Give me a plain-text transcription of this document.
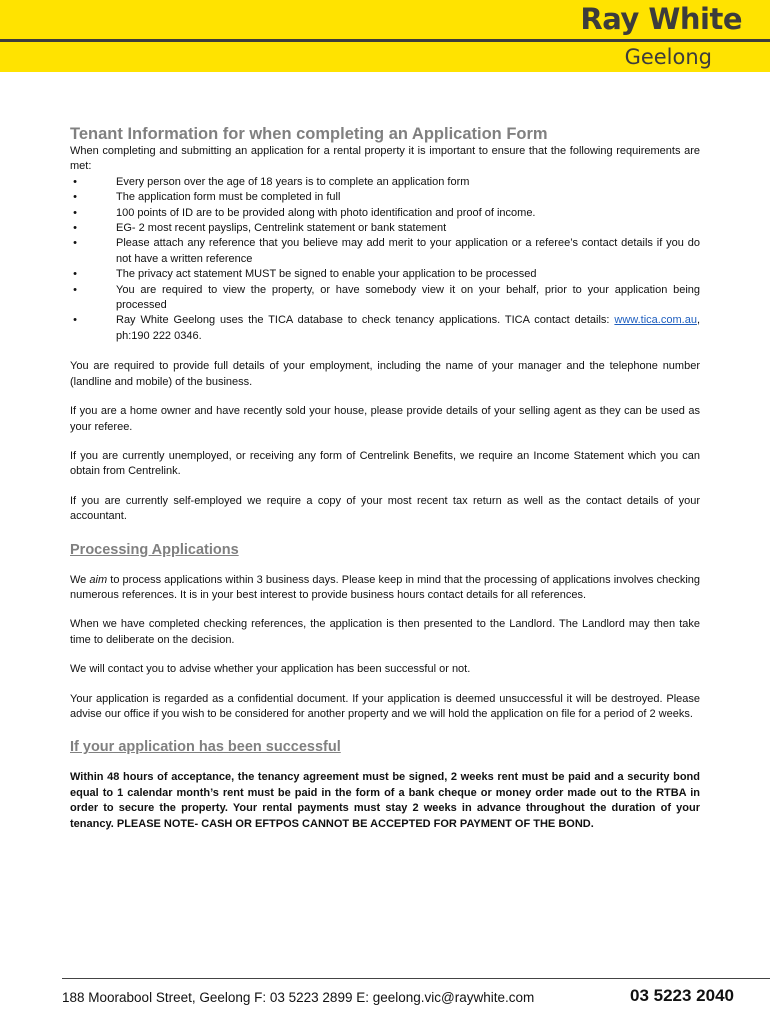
Ray White
Geelong
Tenant Information for when completing an Application Form

When completing and submitting an application for a rental property it is important to ensure that the following requirements are met:

•	Every person over the age of 18 years is to complete an application form
•	The application form must be completed in full
•	100 points of ID are to be provided along with photo identification and proof of income.
•	EG- 2 most recent payslips, Centrelink statement or bank statement
•	Please attach any reference that you believe may add merit to your application or a referee’s contact details if you do not have a written reference
•	The privacy act statement MUST be signed to enable your application to be processed
•	You are required to view the property, or have somebody view it on your behalf, prior to your application being processed
•	Ray White Geelong uses the TICA database to check tenancy applications. TICA contact details: www.tica.com.au, ph:190 222 0346.

You are required to provide full details of your employment, including the name of your manager and the telephone number (landline and mobile) of the business.

If you are a home owner and have recently sold your house, please provide details of your selling agent as they can be used as your referee.

If you are currently unemployed, or receiving any form of Centrelink Benefits, we require an Income Statement which you can obtain from Centrelink.

If you are currently self-employed we require a copy of your most recent tax return as well as the contact details of your accountant.

Processing Applications

We aim to process applications within 3 business days. Please keep in mind that the processing of applications involves checking numerous references. It is in your best interest to provide business hours contact details for all references.

When we have completed checking references, the application is then presented to the Landlord. The Landlord may then take time to deliberate on the decision.

We will contact you to advise whether your application has been successful or not.

Your application is regarded as a confidential document. If your application is deemed unsuccessful it will be destroyed. Please advise our office if you wish to be considered for another property and we will hold the application on file for a period of 2 weeks.

If your application has been successful

Within 48 hours of acceptance, the tenancy agreement must be signed, 2 weeks rent must be paid and a security bond equal to 1 calendar month’s rent must be paid in the form of a bank cheque or money order made out to the RTBA in order to secure the property. Your rental payments must stay 2 weeks in advance throughout the duration of your tenancy. PLEASE NOTE- CASH OR EFTPOS CANNOT BE ACCEPTED FOR PAYMENT OF THE BOND.

188 Moorabool Street, Geelong F: 03 5223 2899 E: geelong.vic@raywhite.com	03 5223 2040
